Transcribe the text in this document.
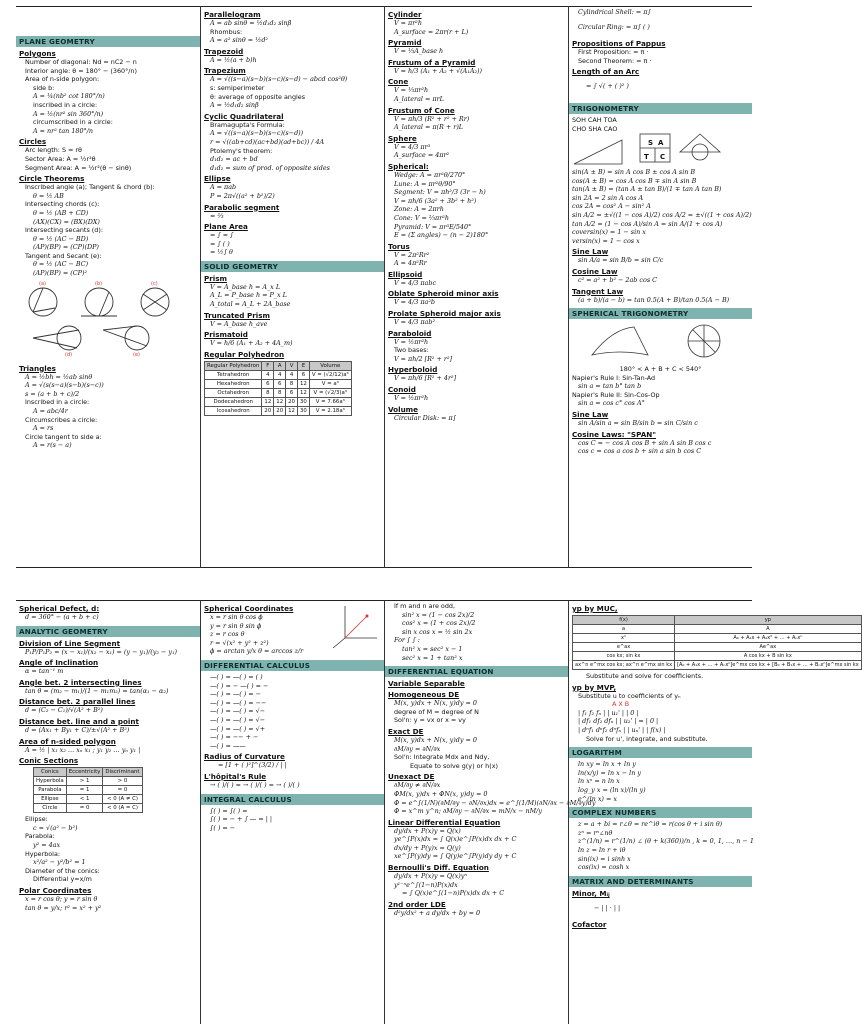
PLANE GEOMETRY
Polygons
Number of diagonal: Nd = nC2 − n
Interior angle: θ = 180° − (360°/n)
Area of n-side polygon:
side b:
A = ¼(nb² cot 180°/n)
inscribed in a circle:
A = ½(nr² sin 360°/n)
circumscribed in a circle:
A = nr² tan 180°/n
Circles
Arc length: S = rθ
Sector Area: A = ½r²θ
Segment Area: A = ½r²(θ − sinθ)
Circle Theorems
Inscribed angle (a); Tangent & chord (b):
θ = ½ AB
Intersecting chords (c):
θ = ½ (AB + CD)
(AX)(CX) = (BX)(DX)
Intersecting secants (d):
θ = ½ (AC − BD)
(AP)(BP) = (CP)(DP)
Tangent and Secant (e):
θ = ½ (AC − BC)
(AP)(BP) = (CP)²
(a)	(b)	(c)
(d)	(e)
Triangles
A = ½bh = ½ab sinθ
A = √(s(s−a)(s−b)(s−c))
s = (a + b + c)/2
Inscribed in a circle:
A = abc/4r
Circumscribes a circle:
A = rs
Circle tangent to side a:
A = r(s − a)
Parallelogram
A = ab sinθ = ½d₁d₂ sinβ
Rhombus:
A = a² sinθ = ½d²
Trapezoid
A = ½(a + b)h
Trapezium
A = √((s−a)(s−b)(s−c)(s−d) − abcd cos²θ)
s: semiperimeter
θ: average of opposite angles
A = ½d₁d₂ sinβ
Cyclic Quadrilateral
Bramagupta's Formula:
A = √((s−a)(s−b)(s−c)(s−d))
r = √((ab+cd)(ac+bd)(ad+bc)) / 4A
Ptolemy's theorem:
d₁d₂ = ac + bd
d₁d₂ = sum of prod. of opposite sides
Ellipse
A = πab
P = 2π√((a² + b²)/2)
Parabolic segment
= ⅔
Plane Area
= ∫ = ∫
= ∫ ( )
= ½∫ θ
SOLID GEOMETRY
Prism
V = A_base h = A_x L
A_L = P_base h = P_x L
A_total = A_L + 2A_base
Truncated Prism
V = A_base h_ave
Prismatoid
V = h/6 (A₁ + A₂ + 4A_m)
Regular Polyhedron
Regular Polyhedron	F	A	V	E	Volume
Tetrahedron	4	4	4	6	V = (√2/12)a³
Hexahedron	6	6	8	12	V = a³
Octahedron	8	8	6	12	V = (√2/3)a³
Dodecahedron	12	12	20	30	V = 7.66a³
Icosahedron	20	20	12	30	V = 2.18a³
Cylinder
V = πr²h
A_surface = 2πr(r + L)
Pyramid
V = ⅓A_base h
Frustum of a Pyramid
V = h/3 (A₁ + A₂ + √(A₁A₂))
Cone
V = ⅓πr²h
A_lateral = πrL
Frustum of Cone
V = πh/3 (R² + r² + Rr)
A_lateral = π(R + r)L
Sphere
V = 4/3 πr³
A_surface = 4πr²
Spherical:
Wedge: A = πr²θ/270°
Lune: A = πr²θ/90°
Segment: V = πh²/3 (3r − h)
V = πh/6 (3a² + 3b² + h²)
Zone: A = 2πrh
Cone: V = ⅔πr²h
Pyramid: V = πr³E/540°
E = (Σ angles) − (n − 2)180°
Torus
V = 2π²Rr²
A = 4π²Rr
Ellipsoid
V = 4/3 πabc
Oblate Spheroid minor axis
V = 4/3 πa²b
Prolate Spheroid major axis
V = 4/3 πab²
Paraboloid
V = ½πr²h
Two bases:
V = πh/2 [R² + r²]
Hyperboloid
V = πh/6 [R² + 4r²]
Conoid
V = ½πr²h
Volume
Circular Disk: = π∫
Cylindrical Shell: = π∫
Circular Ring: = π∫ ( )
Propositions of Pappus
First Proposition: = π ·
Second Theorem: = π ·
Length of an Arc
= ∫ √( + ( )² )
TRIGONOMETRY
SOH CAH TOA
CHO SHA CAO
S A
T C
sin(A ± B) = sin A cos B ± cos A sin B
cos(A ± B) = cos A cos B ∓ sin A sin B
tan(A ± B) = (tan A ± tan B)/(1 ∓ tan A tan B)
sin 2A = 2 sin A cos A
cos 2A = cos² A − sin² A
sin A/2 = ±√((1 − cos A)/2) cos A/2 = ±√((1 + cos A)/2)
tan A/2 = (1 − cos A)/sin A = sin A/(1 + cos A)
coversin(x) = 1 − sin x
versin(x) = 1 − cos x
Sine Law
sin A/a = sin B/b = sin C/c
Cosine Law
c² = a² + b² − 2ab cos C
Tangent Law
(a + b)/(a − b) = tan 0.5(A + B)/tan 0.5(A − B)
SPHERICAL TRIGONOMETRY
180° < A + B + C < 540°
Napier's Rule I: Sin-Tan-Ad
sin a = tan b° tan b
Napier's Rule II: Sin-Cos-Op
sin a = cos c° cos A°
Sine Law
sin A/sin a = sin B/sin b = sin C/sin c
Cosine Laws: "SPAN"
cos C = − cos A cos B + sin A sin B cos c
cos c = cos a cos b + sin a sin b cos C
Spherical Defect, d:
d = 360° − (a + b + c)
ANALYTIC GEOMETRY
Division of Line Segment
P₁P/P₁P₂ = (x − x₁)/(x₂ − x₁) = (y − y₁)/(y₂ − y₁)
Angle of Inclination
α = tan⁻¹ m
Angle bet. 2 intersecting lines
tan θ = (m₂ − m₁)/(1 − m₁m₂) = tan(α₁ − α₂)
Distance bet. 2 parallel lines
d = (C₂ − C₁)/√(A² + B²)
Distance bet. line and a point
d = (Ax₁ + By₁ + C)/±√(A² + B²)
Area of n-sided polygon
A = ½ | x₁ x₂ … xₙ x₁ ; y₁ y₂ … yₙ y₁ |
Conic Sections
Conics	Eccentricity	Discriminant
Hyperbola	> 1	> 0
Parabola	= 1	= 0
Ellipse	< 1	< 0 (A ≠ C)
Circle	= 0	< 0 (A = C)
Ellipse:
c = √(a² − b²)
Parabola:
y² = 4ax
Hyperbola:
x²/a² − y²/b² = 1
Diameter of the conics:
Differential y=x/m
Polar Coordinates
x = r cos θ; y = r sin θ
tan θ = y/x; r² = x² + y²
Spherical Coordinates
x = r sin θ cos ϕ
y = r sin θ sin ϕ
z = r cos θ
r = √(x² + y² + z²)
ϕ = arctan y/x θ = arccos z/r
DIFFERENTIAL CALCULUS
—( ) = —( ) = ( )
—( ) = − —( ) = −
—( ) = —( ) = −
—( ) = —( ) = −−
—( ) = —( ) = √−
—( ) = —( ) = √−
—( ) = —( ) = √+
—( ) = −− + −
—( ) = ——
Radius of Curvature
= [1 + ( )²]^(3/2) / | |
L'hôpital's Rule
→ ( )/( ) = → ( )/( ) = → ( )/( )
INTEGRAL CALCULUS
∫( ) = ∫( ) =
∫( ) = − + ∫ — = | |
∫( ) = −
If m and n are odd,
sin² x = (1 − cos 2x)/2
cos² x = (1 + cos 2x)/2
sin x cos x = ½ sin 2x
For ∫ ∫ :
tan² x = sec² x − 1
sec² x = 1 + tan² x
DIFFERENTIAL EQUATION
Variable Separable
Homogeneous DE
M(x, y)dx + N(x, y)dy = 0
degree of M = degree of N
Sol'n: y = vx or x = vy
Exact DE
M(x, y)dx + N(x, y)dy = 0
∂M/∂y = ∂N/∂x
Sol'n: Integrate Mdx and Ndy,
Equate to solve g(y) or h(x)
Unexact DE
∂M/∂y ≠ ∂N/∂x
ΦM(x, y)dx + ΦN(x, y)dy = 0
Φ = e^∫(1/N)(∂M/∂y − ∂N/∂x)dx = e^∫(1/M)(∂N/∂x − ∂M/∂y)dy
Φ = x^m y^n; ∂M/∂y − ∂N/∂x = mN/x − nM/y
Linear Differential Equation
dy/dx + P(x)y = Q(x)
ye^∫P(x)dx = ∫ Q(x)e^∫P(x)dx dx + C
dx/dy + P(y)x = Q(y)
xe^∫P(y)dy = ∫ Q(y)e^∫P(y)dy dy + C
Bernoulli's Diff. Equation
dy/dx + P(x)y = Q(x)yⁿ
y¹⁻ⁿe^∫(1−n)P(x)dx
= ∫ Q(x)e^∫(1−n)P(x)dx dx + C
2nd order LDE
d²y/dx² + a dy/dx + by = 0
yp by MUC,
f(x)	yp
a	A
xⁿ	A₀ + A₁x + A₂x² + … + Aₙxⁿ
e^ax	Ae^ax
cos kx; sin kx	A cos kx + B sin kx
ax^n e^mx cos kx; ax^n e^mx sin kx	[A₀ + A₁x + … + Aₙxⁿ]e^mx cos kx + [B₀ + B₁x + … + Bₙxⁿ]e^mx sin kx
Substitute and solve for coefficients.
yp by MVP,
Substitute u to coefficients of yₙ
A X B
| f₁ f₂ fₙ | | u₁' | | 0 |
| df₁ df₂ dfₙ | | u₂' | = | 0 |
| dⁿf₁ dⁿf₂ dⁿfₙ | | uₙ' | | f(x) |
Solve for u', integrate, and substitute.
LOGARITHM
ln xy = ln x + ln y
ln(x/y) = ln x − ln y
ln xⁿ = n ln x
log_y x = (ln x)/(ln y)
e^(ln x) = x
COMPLEX NUMBERS
z = a + bi = r∠θ = re^iθ = r(cos θ + i sin θ)
zⁿ = rⁿ∠nθ
z^(1/n) = r^(1/n) ∠ (θ + k(360))/n , k = 0, 1, …, n − 1
ln z = ln r + iθ
sin(ix) = i sinh x
cos(ix) = cosh x
MATRIX AND DETERMINANTS
Minor, Mᵢⱼ
− | | · | |
Cofactor
